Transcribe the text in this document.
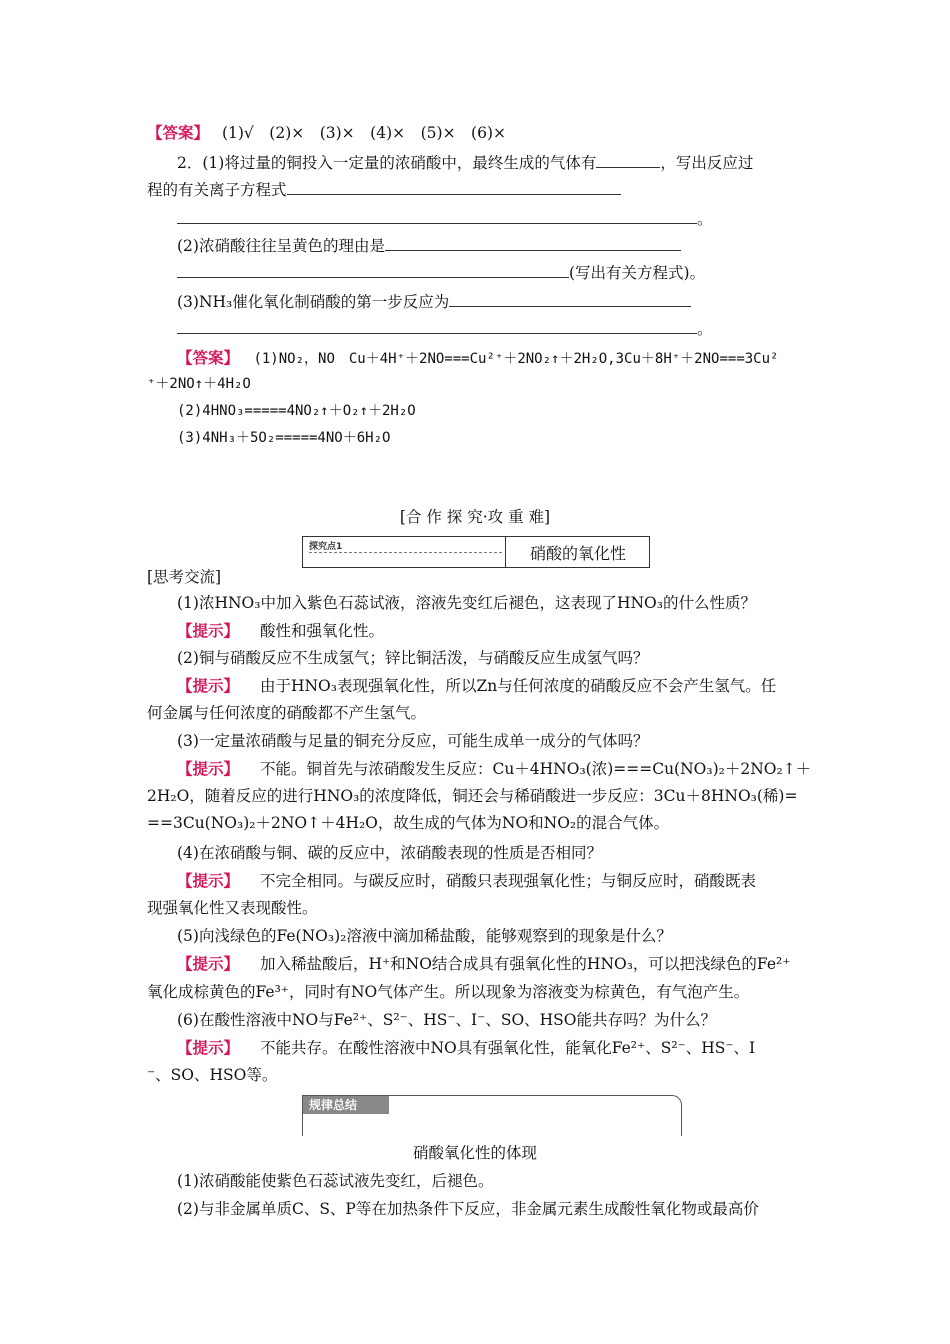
【答案】 (1)√　(2)×　(3)×　(4)×　(5)×　(6)×
2．(1)将过量的铜投入一定量的浓硝酸中，最终生成的气体有	，写出反应过
程的有关离子方程式
。
(2)浓硝酸往往呈黄色的理由是
(写出有关方程式)。
(3)NH₃催化氧化制硝酸的第一步反应为
。
【答案】 (1)NO₂，NO　Cu＋4H⁺＋2NO===Cu²⁺＋2NO₂↑＋2H₂O,3Cu＋8H⁺＋2NO===3Cu²
⁺＋2NO↑＋4H₂O
(2)4HNO₃=====4NO₂↑＋O₂↑＋2H₂O
(3)4NH₃＋5O₂=====4NO＋6H₂O
[合 作 探 究·攻 重 难]
探究点1	硝酸的氧化性
[思考交流]
(1)浓HNO₃中加入紫色石蕊试液，溶液先变红后褪色，这表现了HNO₃的什么性质？
【提示】 酸性和强氧化性。
(2)铜与硝酸反应不生成氢气；锌比铜活泼，与硝酸反应生成氢气吗？
【提示】 由于HNO₃表现强氧化性，所以Zn与任何浓度的硝酸反应不会产生氢气。任
何金属与任何浓度的硝酸都不产生氢气。
(3)一定量浓硝酸与足量的铜充分反应，可能生成单一成分的气体吗？
【提示】 不能。铜首先与浓硝酸发生反应：Cu＋4HNO₃(浓)===Cu(NO₃)₂＋2NO₂↑＋
2H₂O，随着反应的进行HNO₃的浓度降低，铜还会与稀硝酸进一步反应：3Cu＋8HNO₃(稀)=
==3Cu(NO₃)₂＋2NO↑＋4H₂O，故生成的气体为NO和NO₂的混合气体。
(4)在浓硝酸与铜、碳的反应中，浓硝酸表现的性质是否相同？
【提示】 不完全相同。与碳反应时，硝酸只表现强氧化性；与铜反应时，硝酸既表
现强氧化性又表现酸性。
(5)向浅绿色的Fe(NO₃)₂溶液中滴加稀盐酸，能够观察到的现象是什么？
【提示】 加入稀盐酸后，H⁺和NO结合成具有强氧化性的HNO₃，可以把浅绿色的Fe²⁺
氧化成棕黄色的Fe³⁺，同时有NO气体产生。所以现象为溶液变为棕黄色，有气泡产生。
(6)在酸性溶液中NO与Fe²⁺、S²⁻、HS⁻、I⁻、SO、HSO能共存吗？为什么？
【提示】 不能共存。在酸性溶液中NO具有强氧化性，能氧化Fe²⁺、S²⁻、HS⁻、I
⁻、SO、HSO等。
规律总结
硝酸氧化性的体现
(1)浓硝酸能使紫色石蕊试液先变红，后褪色。
(2)与非金属单质C、S、P等在加热条件下反应，非金属元素生成酸性氧化物或最高价
